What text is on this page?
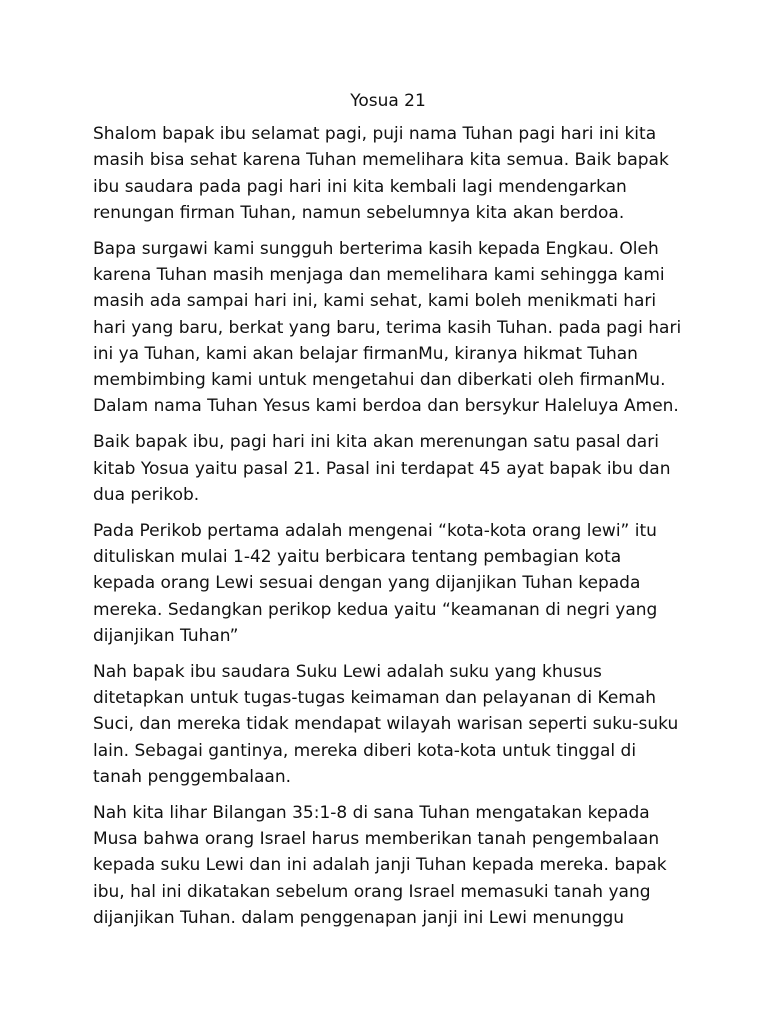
Yosua 21

Shalom bapak ibu selamat pagi, puji nama Tuhan pagi hari ini kita masih bisa sehat karena Tuhan memelihara kita semua. Baik bapak ibu saudara pada pagi hari ini kita kembali lagi mendengarkan renungan firman Tuhan, namun sebelumnya kita akan berdoa.

Bapa surgawi kami sungguh berterima kasih kepada Engkau. Oleh karena Tuhan masih menjaga dan memelihara kami sehingga kami masih ada sampai hari ini, kami sehat, kami boleh menikmati hari hari yang baru, berkat yang baru, terima kasih Tuhan. pada pagi hari ini ya Tuhan, kami akan belajar firmanMu, kiranya hikmat Tuhan membimbing kami untuk mengetahui dan diberkati oleh firmanMu. Dalam nama Tuhan Yesus kami berdoa dan bersykur Haleluya Amen.

Baik bapak ibu, pagi hari ini kita akan merenungan satu pasal dari kitab Yosua yaitu pasal 21. Pasal ini terdapat 45 ayat bapak ibu dan dua perikob.

Pada Perikob pertama adalah mengenai “kota-kota orang lewi” itu dituliskan mulai 1-42 yaitu berbicara tentang pembagian kota kepada orang Lewi sesuai dengan yang dijanjikan Tuhan kepada mereka. Sedangkan perikop kedua yaitu “keamanan di negri yang dijanjikan Tuhan”

Nah bapak ibu saudara Suku Lewi adalah suku yang khusus ditetapkan untuk tugas-tugas keimaman dan pelayanan di Kemah Suci, dan mereka tidak mendapat wilayah warisan seperti suku-suku lain. Sebagai gantinya, mereka diberi kota-kota untuk tinggal di tanah penggembalaan.

Nah kita lihar Bilangan 35:1-8 di sana Tuhan mengatakan kepada Musa bahwa orang Israel harus memberikan tanah pengembalaan kepada suku Lewi dan ini adalah janji Tuhan kepada mereka. bapak ibu, hal ini dikatakan sebelum orang Israel memasuki tanah yang dijanjikan Tuhan. dalam penggenapan janji ini Lewi menunggu
